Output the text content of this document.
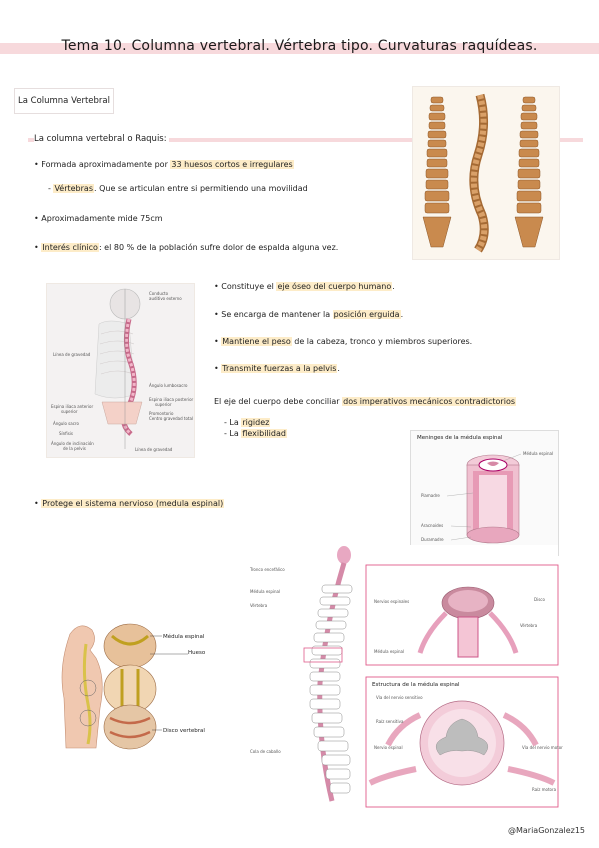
Tema 10. Columna vertebral. Vértebra tipo. Curvaturas raquídeas.
La Columna Vertebral
La columna vertebral o Raquis:
• Formada aproximadamente por 33 huesos cortos e irregulares
- Vértebras. Que se articulan entre si permitiendo una movilidad
• Aproximadamente mide 75cm
• Interés clínico: el 80 % de la población sufre dolor de espalda alguna vez.
Conducto
auditivo externo
Línea de gravedad
Espina iliaca anterior
superior
Ángulo sacro
Sínfisis
Ángulo de inclinación
de la pelvis
Ángulo lumbosacro
Espina iliaca posterior
superior
Promontorio
Centro gravedad total
Línea de gravedad
• Constituye el eje óseo del cuerpo humano.
• Se encarga de mantener la posición erguida.
• Mantiene el peso de la cabeza, tronco y miembros superiores.
• Transmite fuerzas a la pelvis.
El eje del cuerpo debe conciliar dos imperativos mecánicos contradictorios
- La rigidez
- La flexibilidad	Meninges de la médula espinal
Médula espinal
Piamadre
Aracnoides
Duramadre
• Protege el sistema nervioso (medula espinal)
Médula espinal
Hueso
Disco vertebral
Tronco encefálico
Médula espinal
Vértebra
Cola de caballo
Nervios espinales	Disco
Vértebra
Médula espinal
Estructura de la médula espinal
Vía del nervio sensitivo
Raíz sensitiva
Nervio espinal	Vía del nervio motor
Raíz motora
@MariaGonzalez15
